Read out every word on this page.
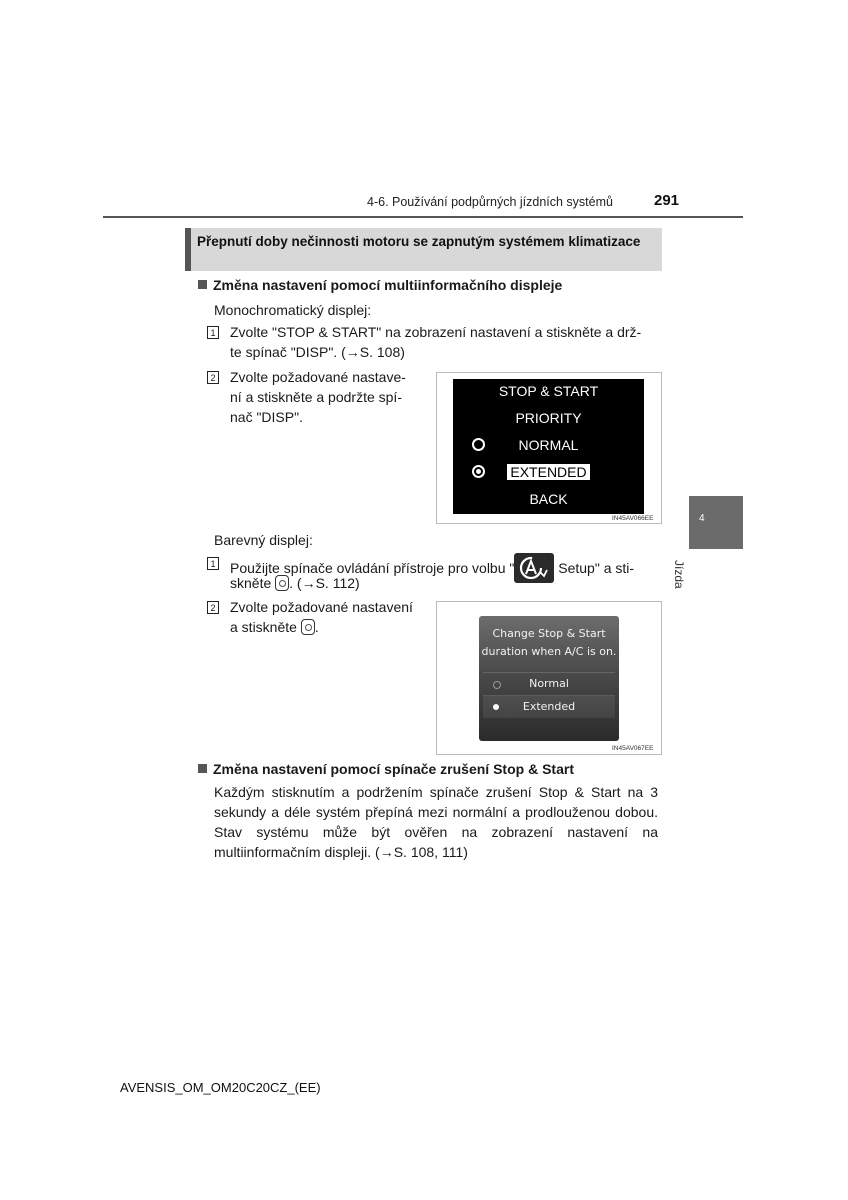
4-6. Používání podpůrných jízdních systémů	291
4
Jízda
Přepnutí doby nečinnosti motoru se zapnutým systémem klimatizace
Změna nastavení pomocí multiinformačního displeje
Monochromatický displej:
1 Zvolte "STOP & START" na zobrazení nastavení a stiskněte a drž-
te spínač "DISP". (→S. 108)
2 Zvolte požadované nastave-
ní a stiskněte a podržte spí-
nač "DISP".
STOP & START
PRIORITY
NORMAL
EXTENDED
BACK
IN45AV066EE
Barevný displej:
1 Použijte spínače ovládání přístroje pro volbu "	Setup" a sti-
skněte . (→S. 112)
2 Zvolte požadované nastavení
a stiskněte .	Change Stop & Start
duration when A/C is on.
Normal
Extended
IN45AV067EE
Změna nastavení pomocí spínače zrušení Stop & Start
Každým stisknutím a podržením spínače zrušení Stop & Start na 3 sekundy a déle systém přepíná mezi normální a prodlouženou dobou. Stav systému může být ověřen na zobrazení nastavení na multiinformačním displeji. (→S. 108, 111)
AVENSIS_OM_OM20C20CZ_(EE)
